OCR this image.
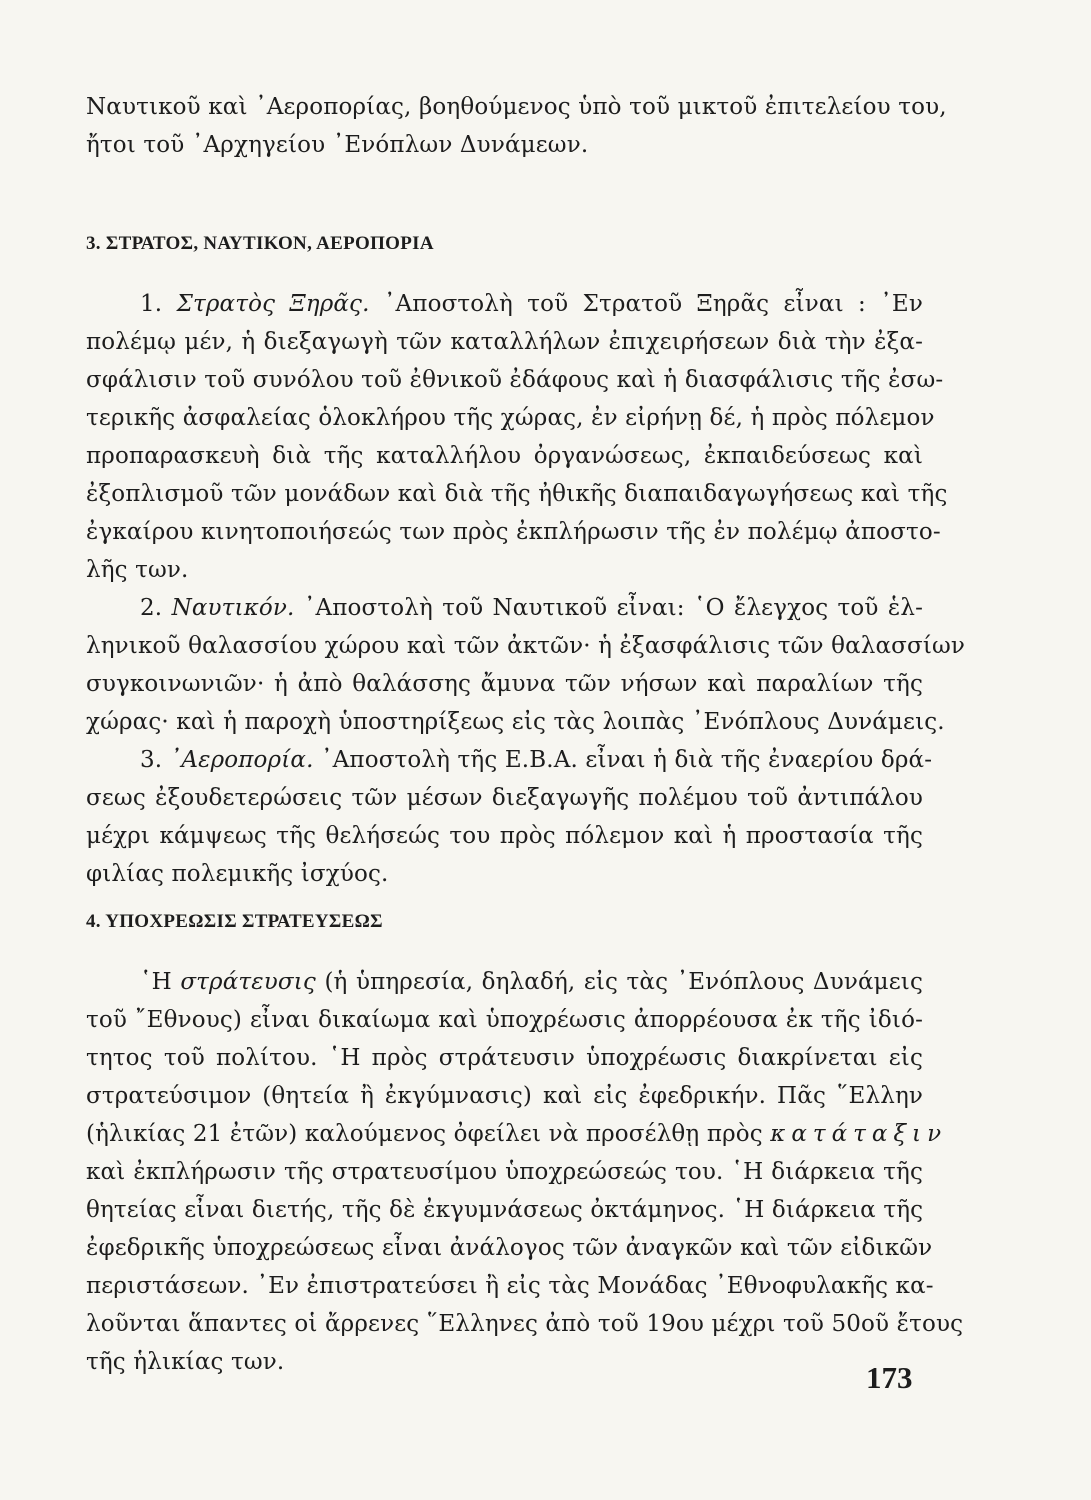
Ναυτικοῦ καὶ ᾽Αεροπορίας, βοηθούμενος ὑπὸ τοῦ μικτοῦ ἐπιτελείου του,
ἤτοι τοῦ ᾽Αρχηγείου ᾽Ενόπλων Δυνάμεων.
3. ΣΤΡΑΤΟΣ, ΝΑΥΤΙΚΟΝ, ΑΕΡΟΠΟΡΙΑ
1. Στρατὸς Ξηρᾶς. ᾽Αποστολὴ τοῦ Στρατοῦ Ξηρᾶς εἶναι : ᾽Εν
πολέμῳ μέν, ἡ διεξαγωγὴ τῶν καταλλήλων ἐπιχειρήσεων διὰ τὴν ἐξα-
σφάλισιν τοῦ συνόλου τοῦ ἐθνικοῦ ἐδάφους καὶ ἡ διασφάλισις τῆς ἐσω-
τερικῆς ἀσφαλείας ὁλοκλήρου τῆς χώρας, ἐν εἰρήνῃ δέ, ἡ πρὸς πόλεμον
προπαρασκευὴ διὰ τῆς καταλλήλου ὀργανώσεως, ἐκπαιδεύσεως καὶ
ἐξοπλισμοῦ τῶν μονάδων καὶ διὰ τῆς ἠθικῆς διαπαιδαγωγήσεως καὶ τῆς
ἐγκαίρου κινητοποιήσεώς των πρὸς ἐκπλήρωσιν τῆς ἐν πολέμῳ ἀποστο-
λῆς των.
2. Ναυτικόν. ᾽Αποστολὴ τοῦ Ναυτικοῦ εἶναι: ῾Ο ἔλεγχος τοῦ ἑλ-
ληνικοῦ θαλασσίου χώρου καὶ τῶν ἀκτῶν· ἡ ἐξασφάλισις τῶν θαλασσίων
συγκοινωνιῶν· ἡ ἀπὸ θαλάσσης ἄμυνα τῶν νήσων καὶ παραλίων τῆς
χώρας· καὶ ἡ παροχὴ ὑποστηρίξεως εἰς τὰς λοιπὰς ᾽Ενόπλους Δυνάμεις.
3. ᾽Αεροπορία. ᾽Αποστολὴ τῆς Ε.Β.Α. εἶναι ἡ διὰ τῆς ἐναερίου δρά-
σεως ἐξουδετερώσεις τῶν μέσων διεξαγωγῆς πολέμου τοῦ ἀντιπάλου
μέχρι κάμψεως τῆς θελήσεώς του πρὸς πόλεμον καὶ ἡ προστασία τῆς
φιλίας πολεμικῆς ἰσχύος.
4. ΥΠΟΧΡΕΩΣΙΣ ΣΤΡΑΤΕΥΣΕΩΣ
῾Η στράτευσις (ἡ ὑπηρεσία, δηλαδή, εἰς τὰς ᾽Ενόπλους Δυνάμεις
τοῦ ῎Εθνους) εἶναι δικαίωμα καὶ ὑποχρέωσις ἀπορρέουσα ἐκ τῆς ἰδιό-
τητος τοῦ πολίτου. ῾Η πρὸς στράτευσιν ὑποχρέωσις διακρίνεται εἰς
στρατεύσιμον (θητεία ἢ ἐκγύμνασις) καὶ εἰς ἐφεδρικήν. Πᾶς ῞Ελλην
(ἡλικίας 21 ἐτῶν) καλούμενος ὀφείλει νὰ προσέλθῃ πρὸς κατάταξιν
καὶ ἐκπλήρωσιν τῆς στρατευσίμου ὑποχρεώσεώς του. ῾Η διάρκεια τῆς
θητείας εἶναι διετής, τῆς δὲ ἐκγυμνάσεως ὀκτάμηνος. ῾Η διάρκεια τῆς
ἐφεδρικῆς ὑποχρεώσεως εἶναι ἀνάλογος τῶν ἀναγκῶν καὶ τῶν εἰδικῶν
περιστάσεων. ᾽Εν ἐπιστρατεύσει ἢ εἰς τὰς Μονάδας ᾽Εθνοφυλακῆς κα-
λοῦνται ἅπαντες οἱ ἄρρενες ῞Ελληνες ἀπὸ τοῦ 19ου μέχρι τοῦ 50οῦ ἔτους
τῆς ἡλικίας των.	173
